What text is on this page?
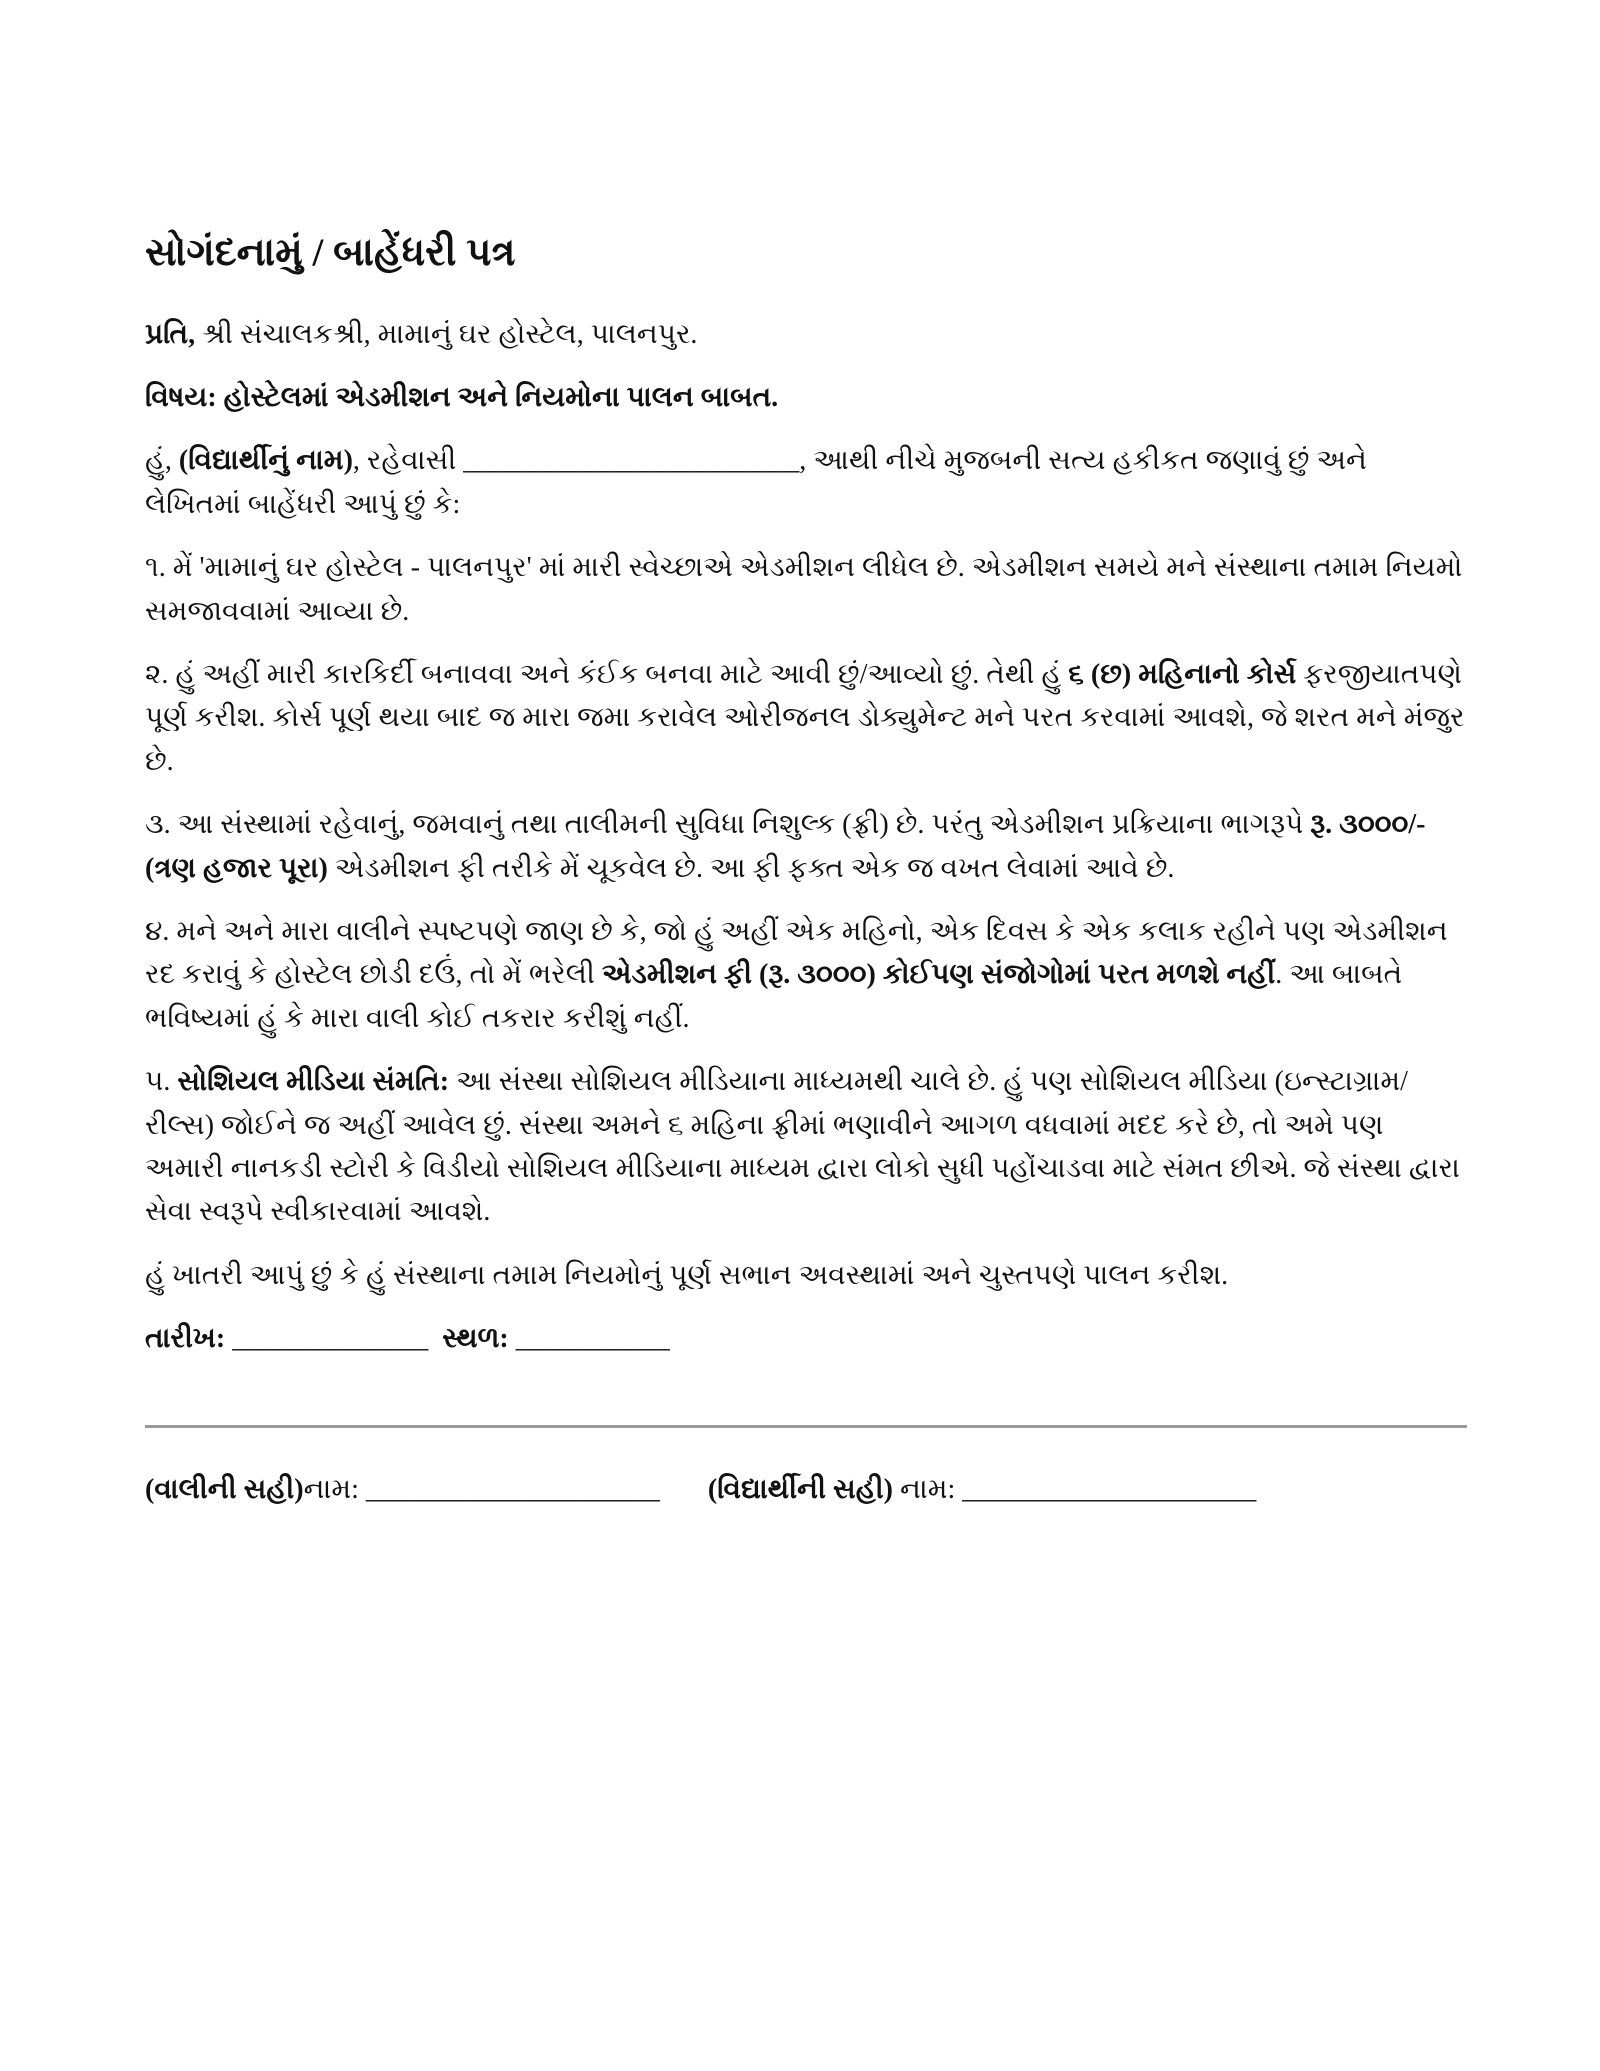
સોગંદનામું / બાહેંધરી પત્ર

પ્રતિ, શ્રી સંચાલકશ્રી, મામાનું ઘર હોસ્ટેલ, પાલનપુર.

વિષય: હોસ્ટેલમાં એડમીશન અને નિયમોના પાલન બાબત.

હું, (વિદ્યાર્થીનું નામ), રહેવાસી ________________________, આથી નીચે મુજબની સત્ય હકીકત જણાવું છું અને લેખિતમાં બાહેંધરી આપું છું કે:

૧. મેં 'મામાનું ઘર હોસ્ટેલ - પાલનપુર' માં મારી સ્વેચ્છાએ એડમીશન લીધેલ છે. એડમીશન સમયે મને સંસ્થાના તમામ નિયમો સમજાવવામાં આવ્યા છે.

૨. હું અહીં મારી કારકિર્દી બનાવવા અને કંઈક બનવા માટે આવી છું/આવ્યો છું. તેથી હું ૬ (છ) મહિનાનો કોર્સ ફરજીયાતપણે પૂર્ણ કરીશ. કોર્સ પૂર્ણ થયા બાદ જ મારા જમા કરાવેલ ઓરીજનલ ડોક્યુમેન્ટ મને પરત કરવામાં આવશે, જે શરત મને મંજુર છે.

૩. આ સંસ્થામાં રહેવાનું, જમવાનું તથા તાલીમની સુવિધા નિશુલ્ક (ફ્રી) છે. પરંતુ એડમીશન પ્રક્રિયાના ભાગરૂપે રૂ. ૩૦૦૦/- (ત્રણ હજાર પૂરા) એડમીશન ફી તરીકે મેં ચૂકવેલ છે. આ ફી ફક્ત એક જ વખત લેવામાં આવે છે.

૪. મને અને મારા વાલીને સ્પષ્ટપણે જાણ છે કે, જો હું અહીં એક મહિનો, એક દિવસ કે એક કલાક રહીને પણ એડમીશન રદ કરાવું કે હોસ્ટેલ છોડી દઉં, તો મેં ભરેલી એડમીશન ફી (રૂ. ૩૦૦૦) કોઈપણ સંજોગોમાં પરત મળશે નહીં. આ બાબતે ભવિષ્યમાં હું કે મારા વાલી કોઈ તકરાર કરીશું નહીં.

૫. સોશિયલ મીડિયા સંમતિ: આ સંસ્થા સોશિયલ મીડિયાના માધ્યમથી ચાલે છે. હું પણ સોશિયલ મીડિયા (ઇન્સ્ટાગ્રામ/રીલ્સ) જોઈને જ અહીં આવેલ છું. સંસ્થા અમને ૬ મહિના ફ્રીમાં ભણાવીને આગળ વધવામાં મદદ કરે છે, તો અમે પણ અમારી નાનકડી સ્ટોરી કે વિડીયો સોશિયલ મીડિયાના માધ્યમ દ્વારા લોકો સુધી પહોંચાડવા માટે સંમત છીએ. જે સંસ્થા દ્વારા સેવા સ્વરૂપે સ્વીકારવામાં આવશે.

હું ખાતરી આપું છું કે હું સંસ્થાના તમામ નિયમોનું પૂર્ણ સભાન અવસ્થામાં અને ચુસ્તપણે પાલન કરીશ.

તારીખ: ______________ સ્થળ: ___________

(વાલીની સહી)નામ: _____________________ (વિદ્યાર્થીની સહી) નામ: _____________________
